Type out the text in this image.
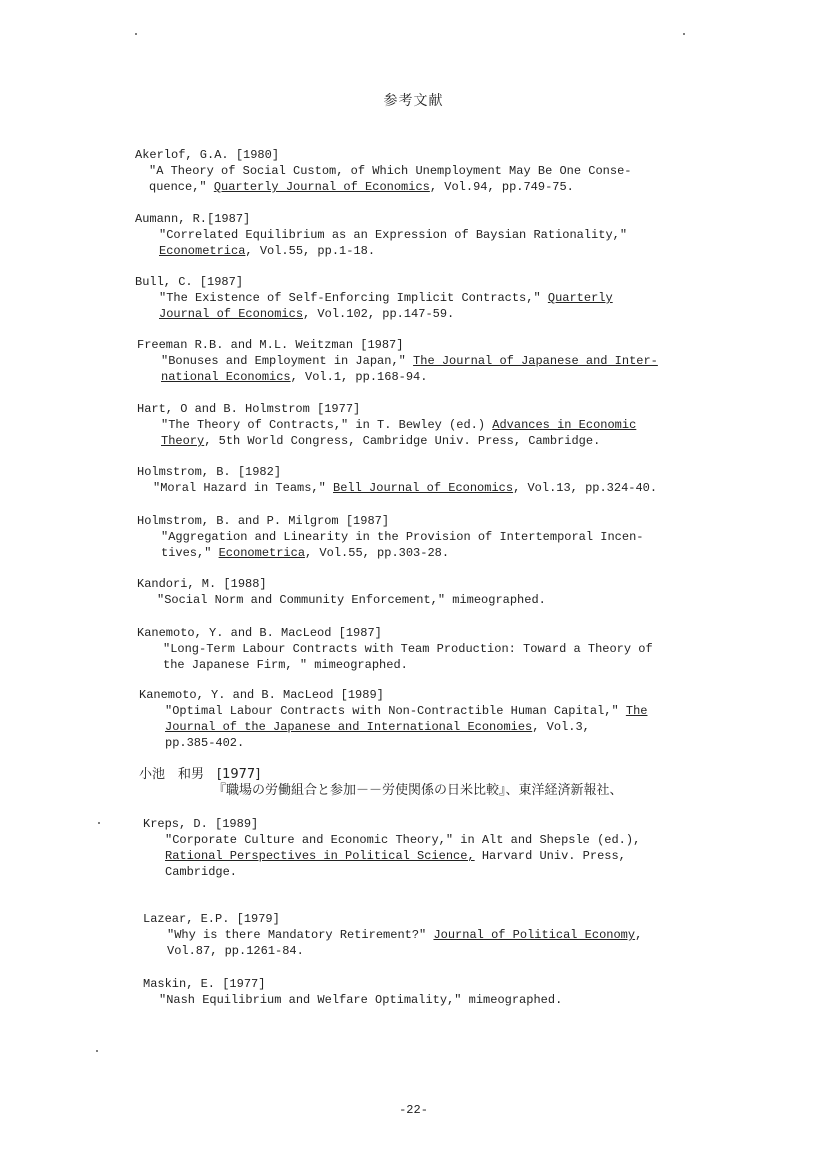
参考文献
Akerlof, G.A. [1980]
"A Theory of Social Custom, of Which Unemployment May Be One Conse-
quence," Quarterly Journal of Economics, Vol.94, pp.749-75.
Aumann, R.[1987]
"Correlated Equilibrium as an Expression of Baysian Rationality,"
Econometrica, Vol.55, pp.1-18.
Bull, C. [1987]
"The Existence of Self-Enforcing Implicit Contracts," Quarterly
Journal of Economics, Vol.102, pp.147-59.
Freeman R.B. and M.L. Weitzman [1987]
"Bonuses and Employment in Japan," The Journal of Japanese and Inter-
national Economics, Vol.1, pp.168-94.
Hart, O and B. Holmstrom [1977]
"The Theory of Contracts," in T. Bewley (ed.) Advances in Economic
Theory, 5th World Congress, Cambridge Univ. Press, Cambridge.
Holmstrom, B. [1982]
"Moral Hazard in Teams," Bell Journal of Economics, Vol.13, pp.324-40.
Holmstrom, B. and P. Milgrom [1987]
"Aggregation and Linearity in the Provision of Intertemporal Incen-
tives," Econometrica, Vol.55, pp.303-28.
Kandori, M. [1988]
"Social Norm and Community Enforcement," mimeographed.
Kanemoto, Y. and B. MacLeod [1987]
"Long-Term Labour Contracts with Team Production: Toward a Theory of
the Japanese Firm, " mimeographed.
Kanemoto, Y. and B. MacLeod [1989]
"Optimal Labour Contracts with Non-Contractible Human Capital," The
Journal of the Japanese and International Economies, Vol.3,
pp.385-402.
小池　和男　[1977]
『職場の労働組合と参加－－労使関係の日米比較』、東洋経済新報社、
Kreps, D. [1989]
"Corporate Culture and Economic Theory," in Alt and Shepsle (ed.),
Rational Perspectives in Political Science, Harvard Univ. Press,
Cambridge.
Lazear, E.P. [1979]
"Why is there Mandatory Retirement?" Journal of Political Economy,
Vol.87, pp.1261-84.
Maskin, E. [1977]
"Nash Equilibrium and Welfare Optimality," mimeographed.
-22-
